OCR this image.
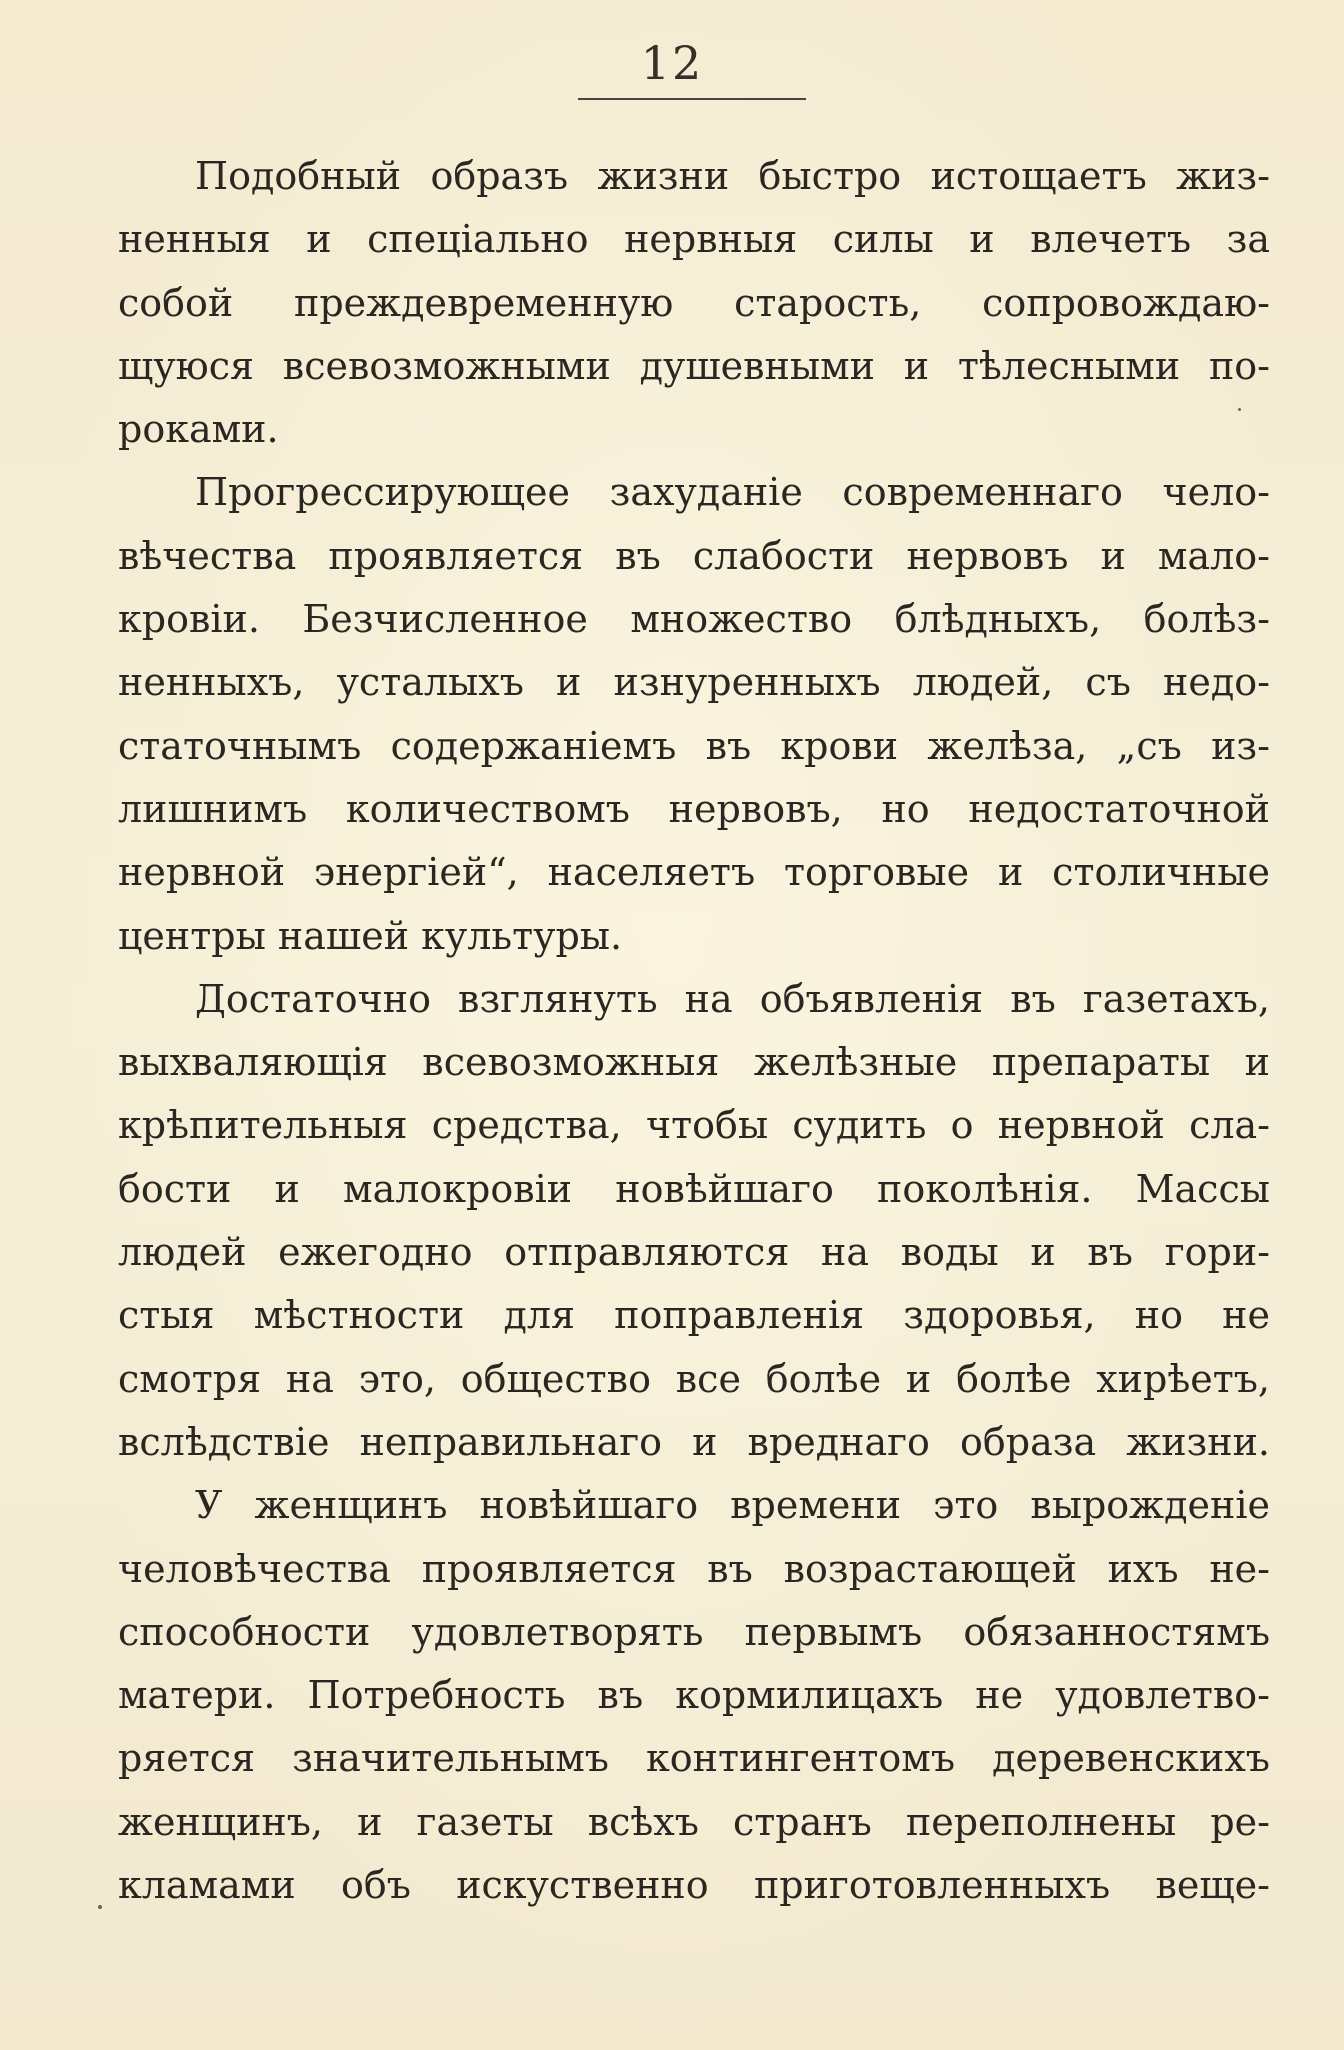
12
Подобный образъ жизни быстро истощаетъ жиз-
ненныя и спеціально нервныя силы и влечетъ за
собой преждевременную старость, сопровождаю-
щуюся всевозможными душевными и тѣлесными по-
роками.
Прогрессирующее захуданіе современнаго чело-
вѣчества проявляется въ слабости нервовъ и мало-
кровіи. Безчисленное множество блѣдныхъ, болѣз-
ненныхъ, усталыхъ и изнуренныхъ людей, съ недо-
статочнымъ содержаніемъ въ крови желѣза, „съ из-
лишнимъ количествомъ нервовъ, но недостаточной
нервной энергіей“, населяетъ торговые и столичные
центры нашей культуры.
Достаточно взглянуть на объявленія въ газетахъ,
выхваляющія всевозможныя желѣзные препараты и
крѣпительныя средства, чтобы судить о нервной сла-
бости и малокровіи новѣйшаго поколѣнія. Массы
людей ежегодно отправляются на воды и въ гори-
стыя мѣстности для поправленія здоровья, но не
смотря на это, общество все болѣе и болѣе хирѣетъ,
вслѣдствіе неправильнаго и вреднаго образа жизни.
У женщинъ новѣйшаго времени это вырожденіе
человѣчества проявляется въ возрастающей ихъ не-
способности удовлетворять первымъ обязанностямъ
матери. Потребность въ кормилицахъ не удовлетво-
ряется значительнымъ контингентомъ деревенскихъ
женщинъ, и газеты всѣхъ странъ переполнены ре-
кламами объ искуственно приготовленныхъ веще-
